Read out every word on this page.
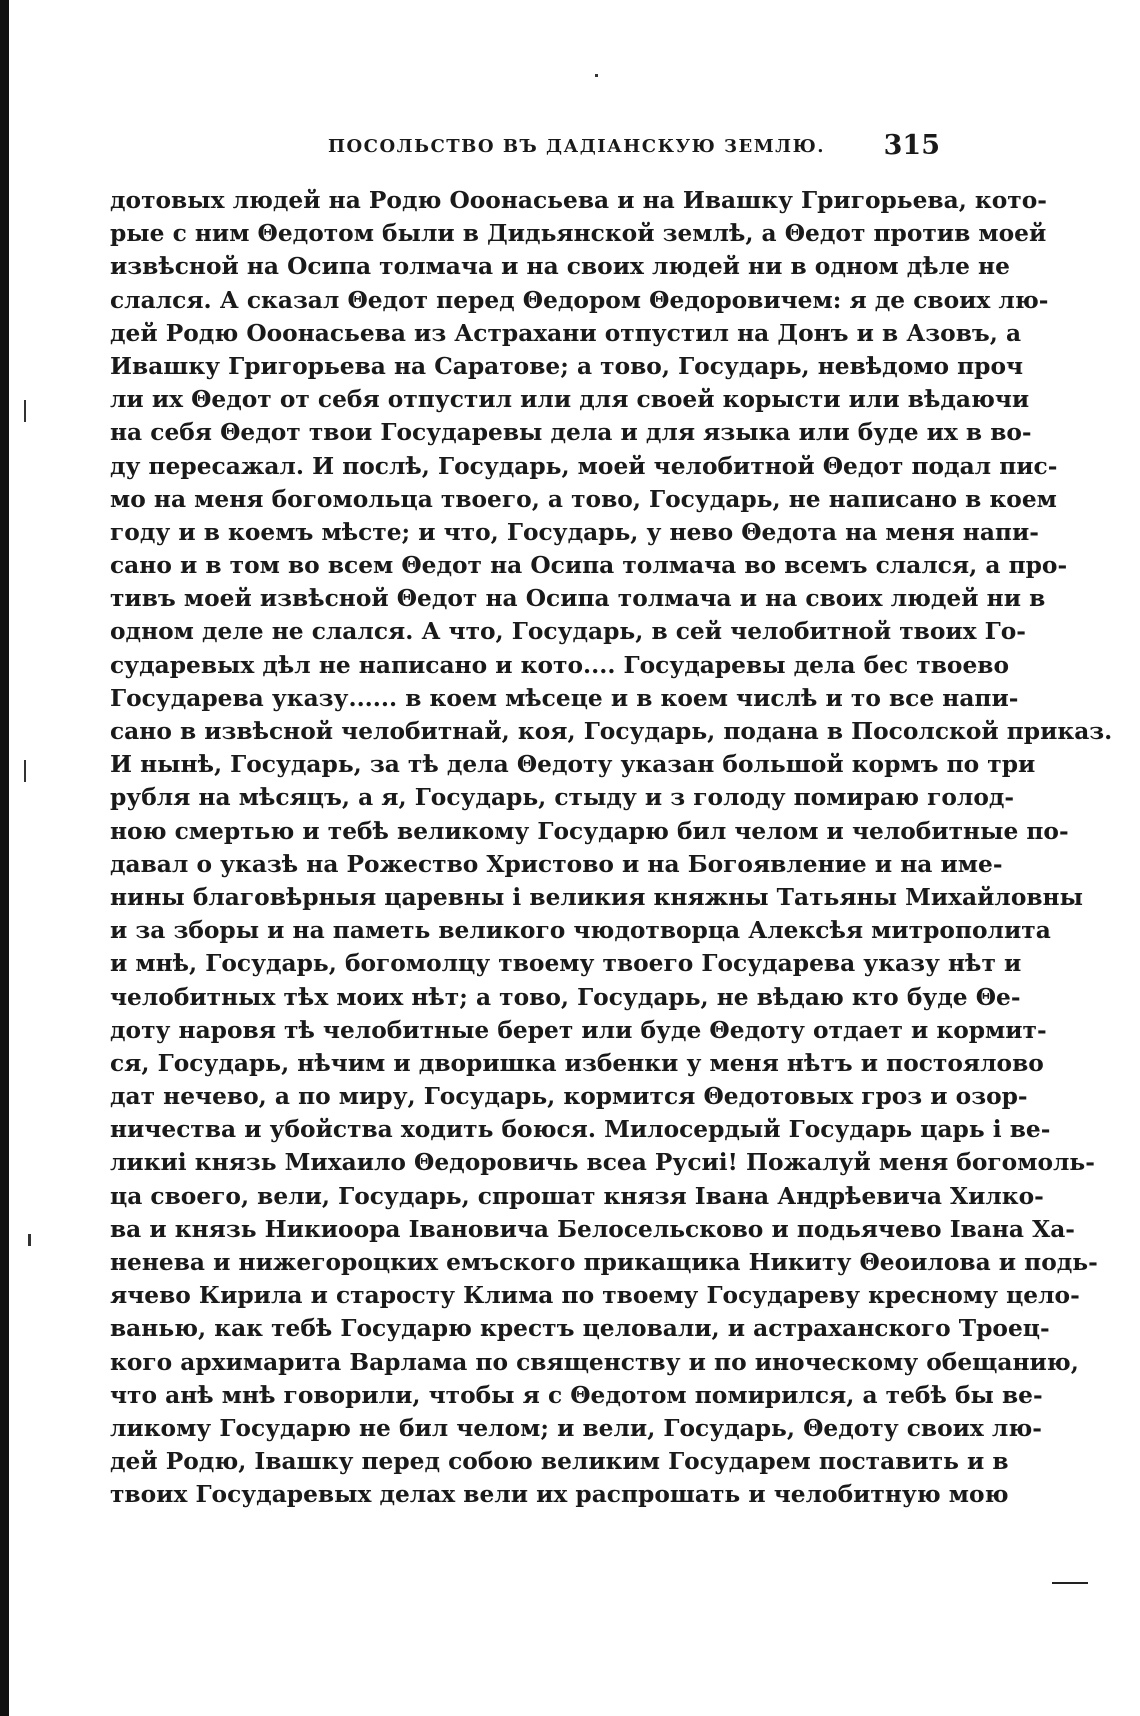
ПОСОЛЬСТВО ВЪ ДАДІАНСКУЮ ЗЕМЛЮ. 315
дотовых людей на Родю Ооонасьева и на Ивашку Григорьева, кото-
рые с ним Θедотом были в Дидьянской землѣ, а Θедот против моей
извѣсной на Осипа толмача и на своих людей ни в одном дѣле не
слался. А сказал Θедот перед Θедором Θедоровичем: я де своих лю-
дей Родю Ооонасьева из Астрахани отпустил на Донъ и в Азовъ, а
Ивашку Григорьева на Саратове; а тово, Государь, невѣдомо проч
ли их Θедот от себя отпустил или для своей корысти или вѣдаючи
на себя Θедот твои Государевы дела и для языка или буде их в во-
ду пересажал. И послѣ, Государь, моей челобитной Θедот подал пис-
мо на меня богомольца твоего, а тово, Государь, не написано в коем
году и в коемъ мѣсте; и что, Государь, у нево Θедота на меня напи-
сано и в том во всем Θедот на Осипа толмача во всемъ слался, а про-
тивъ моей извѣсной Θедот на Осипа толмача и на своих людей ни в
одном деле не слался. А что, Государь, в сей челобитной твоих Го-
сударевых дѣл не написано и кото.... Государевы дела бес твоево
Государева указу...... в коем мѣсеце и в коем числѣ и то все напи-
сано в извѣсной челобитнай, коя, Государь, подана в Посолской приказ.
И нынѣ, Государь, за тѣ дела Θедоту указан большой кормъ по три
рубля на мѣсяцъ, а я, Государь, стыду и з голоду помираю голод-
ною смертью и тебѣ великому Государю бил челом и челобитные по-
давал о указѣ на Рожество Христово и на Богоявление и на име-
нины благовѣрныя царевны і великия княжны Татьяны Михайловны
и за зборы и на паметь великого чюдотворца Алексѣя митрополита
и мнѣ, Государь, богомолцу твоему твоего Государева указу нѣт и
челобитных тѣх моих нѣт; а тово, Государь, не вѣдаю кто буде Θе-
доту наровя тѣ челобитные берет или буде Θедоту отдает и кормит-
ся, Государь, нѣчим и дворишка избенки у меня нѣтъ и постоялово
дат нечево, а по миру, Государь, кормится Θедотовых гроз и озор-
ничества и убойства ходить боюся. Милосердый Государь царь і ве-
ликиі князь Михаило Θедоровичь всеа Русиі! Пожалуй меня богомоль-
ца своего, вели, Государь, спрошат князя Івана Андрѣевича Хилко-
ва и князь Никиоора Івановича Белосельсково и подьячево Івана Ха-
ненева и нижегороцких емъского прикащика Никиту Θеоилова и подь-
ячево Кирила и старосту Клима по твоему Государеву кресному цело-
ванью, как тебѣ Государю крестъ целовали, и астраханского Троец-
кого архимарита Варлама по священству и по иноческому обещанию,
что анѣ мнѣ говорили, чтобы я с Θедотом помирился, а тебѣ бы ве-
ликому Государю не бил челом; и вели, Государь, Θедоту своих лю-
дей Родю, Івашку перед собою великим Государем поставить и в
твоих Государевых делах вели их распрошать и челобитную мою
